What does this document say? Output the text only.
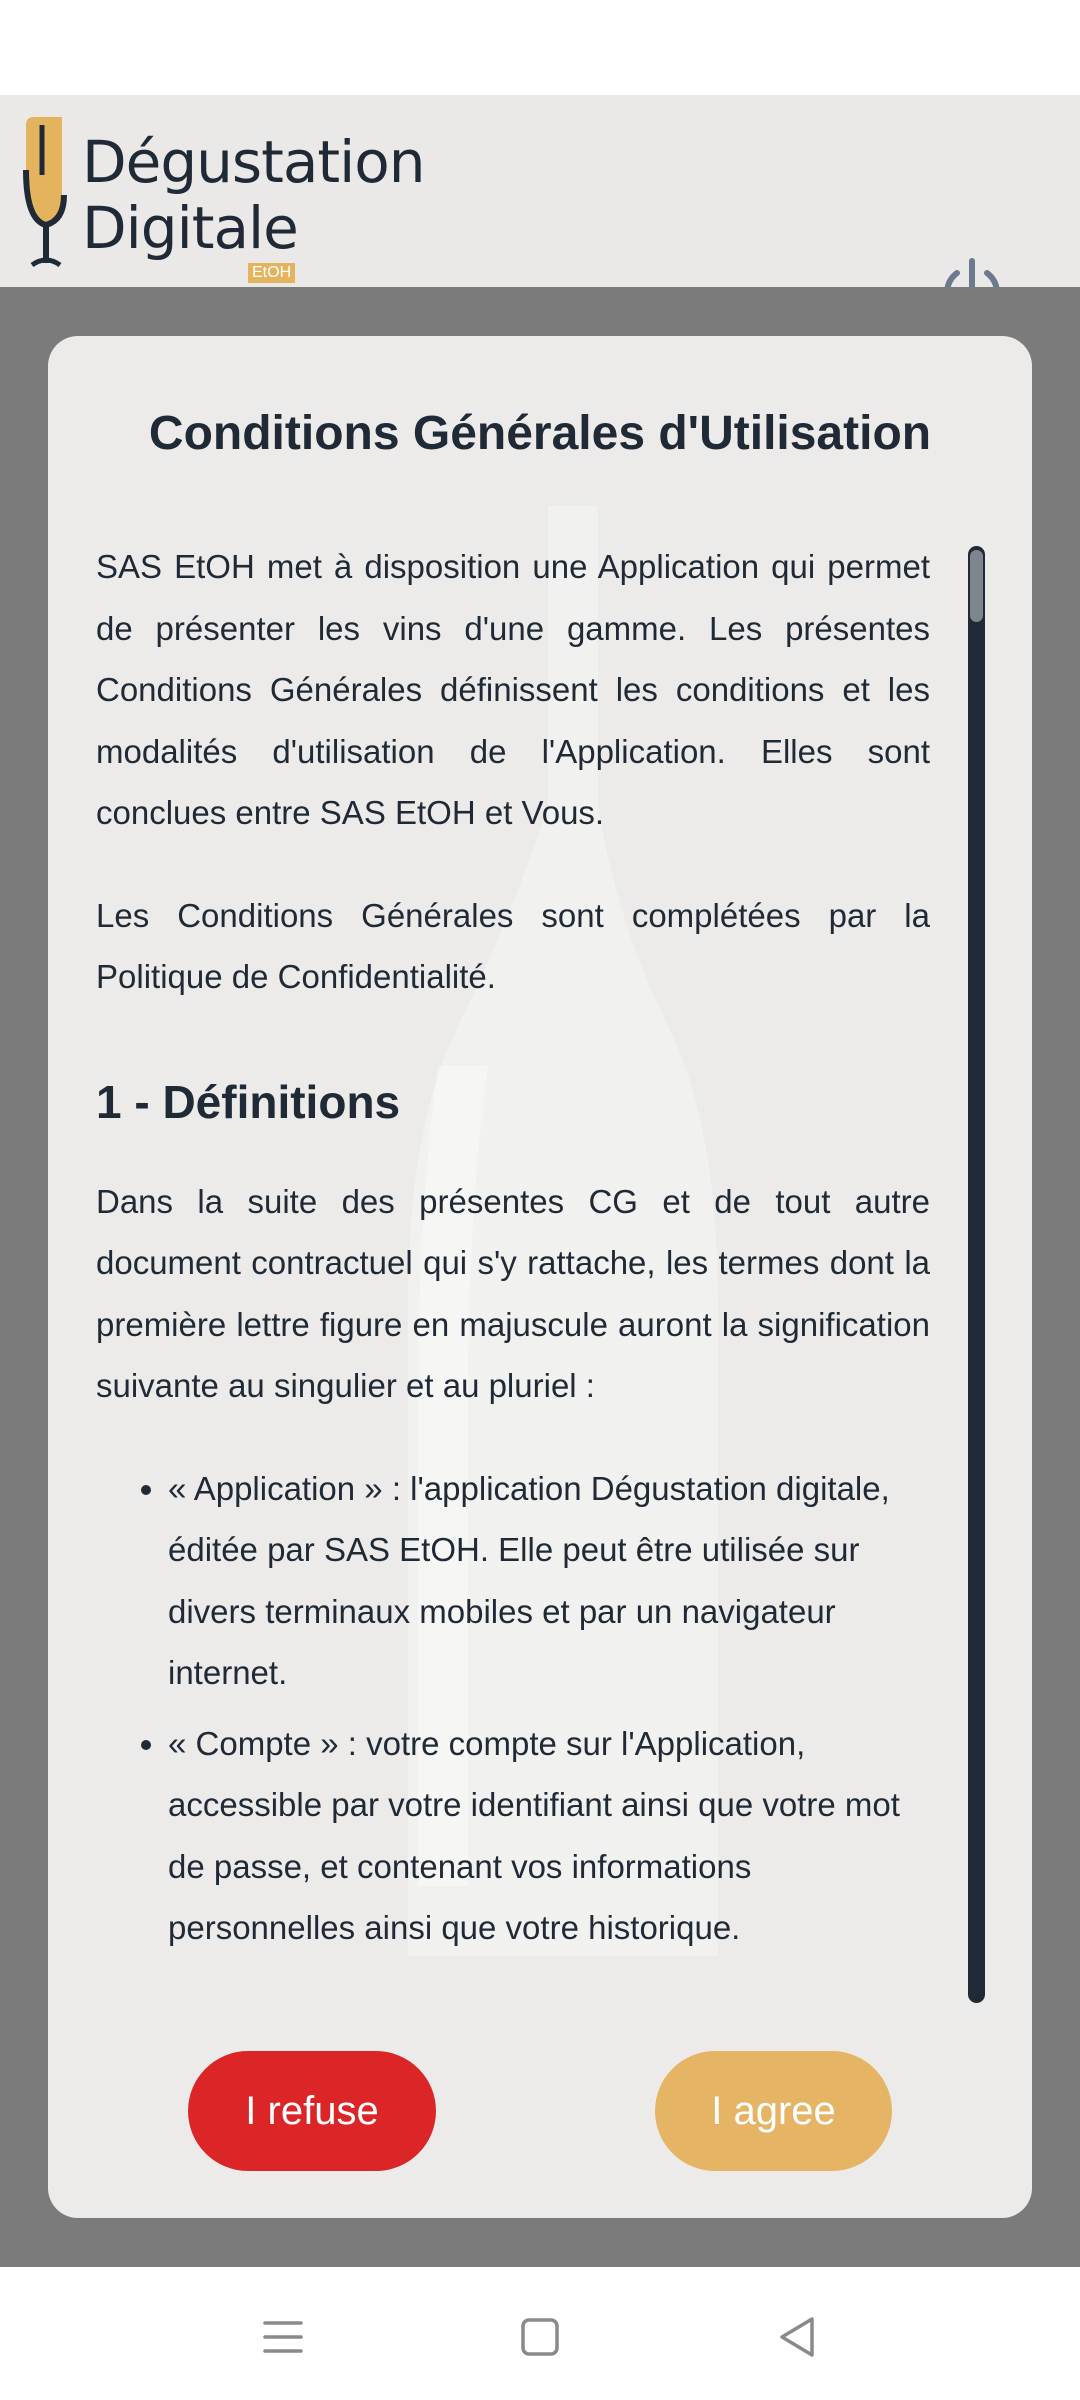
Dégustation
Digitale
EtOH
Conditions Générales d'Utilisation

SAS EtOH met à disposition une Application qui permet de présenter les vins d'une gamme. Les présentes Conditions Générales définissent les conditions et les modalités d'utilisation de l'Application. Elles sont conclues entre SAS EtOH et Vous.

Les Conditions Générales sont complétées par la Politique de Confidentialité.

1 - Définitions

Dans la suite des présentes CG et de tout autre document contractuel qui s'y rattache, les termes dont la première lettre figure en majuscule auront la signification suivante au singulier et au pluriel :

• « Application » : l'application Dégustation digitale, éditée par SAS EtOH. Elle peut être utilisée sur divers terminaux mobiles et par un navigateur internet.
• « Compte » : votre compte sur l'Application, accessible par votre identifiant ainsi que votre mot de passe, et contenant vos informations personnelles ainsi que votre historique.
I refuse	I agree
